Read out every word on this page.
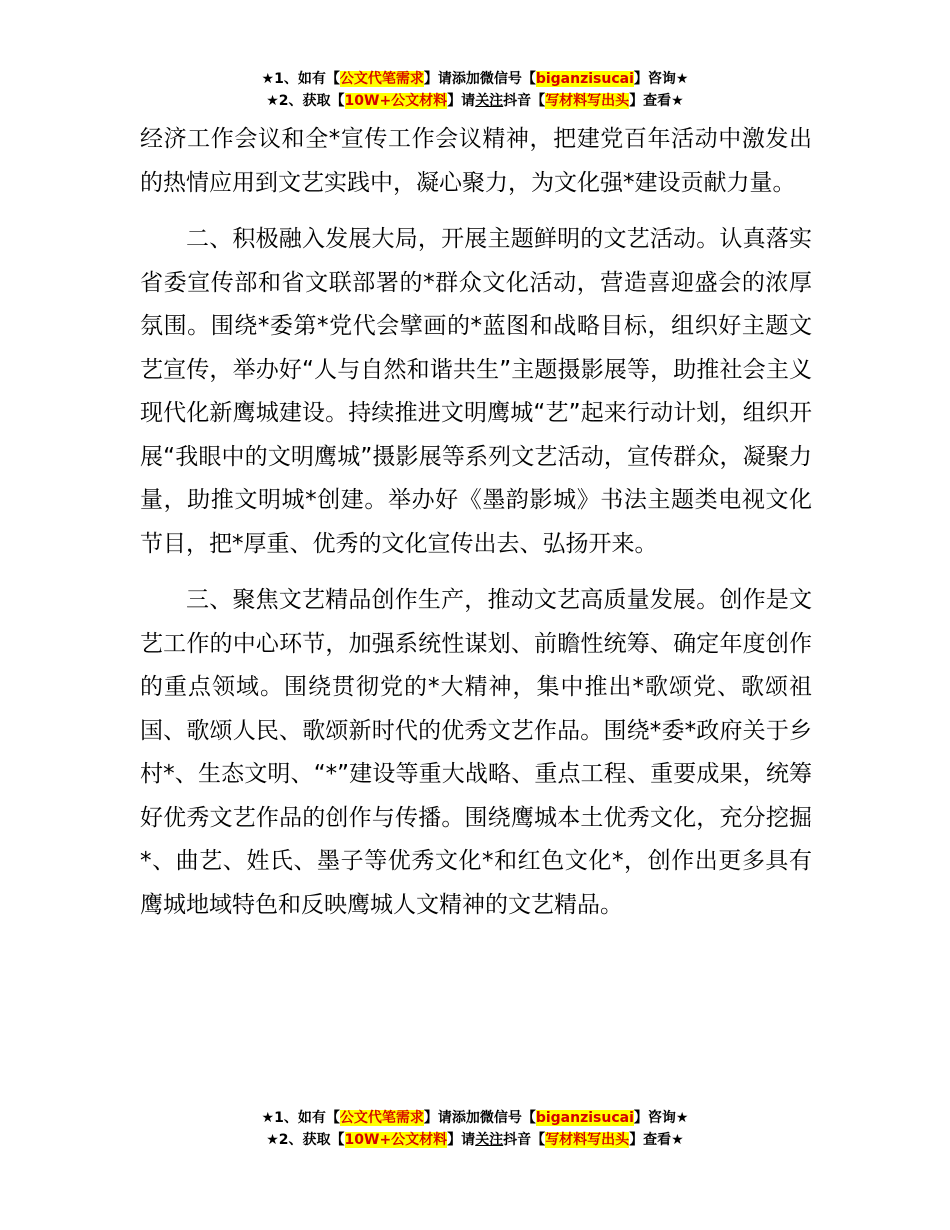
★1、如有【公文代笔需求】请添加微信号【biganzisucai】咨询★
★2、获取【10W+公文材料】请关注抖音【写材料写出头】查看★

经济工作会议和全*宣传工作会议精神，把建党百年活动中激发出的热情应用到文艺实践中，凝心聚力，为文化强*建设贡献力量。

二、积极融入发展大局，开展主题鲜明的文艺活动。认真落实省委宣传部和省文联部署的*群众文化活动，营造喜迎盛会的浓厚氛围。围绕*委第*党代会擘画的*蓝图和战略目标，组织好主题文艺宣传，举办好“人与自然和谐共生”主题摄影展等，助推社会主义现代化新鹰城建设。持续推进文明鹰城“艺”起来行动计划，组织开展“我眼中的文明鹰城”摄影展等系列文艺活动，宣传群众，凝聚力量，助推文明城*创建。举办好《墨韵影城》书法主题类电视文化节目，把*厚重、优秀的文化宣传出去、弘扬开来。

三、聚焦文艺精品创作生产，推动文艺高质量发展。创作是文艺工作的中心环节，加强系统性谋划、前瞻性统筹、确定年度创作的重点领域。围绕贯彻党的*大精神，集中推出*歌颂党、歌颂祖国、歌颂人民、歌颂新时代的优秀文艺作品。围绕*委*政府关于乡村*、生态文明、“*”建设等重大战略、重点工程、重要成果，统筹好优秀文艺作品的创作与传播。围绕鹰城本土优秀文化，充分挖掘*、曲艺、姓氏、墨子等优秀文化*和红色文化*，创作出更多具有鹰城地域特色和反映鹰城人文精神的文艺精品。

★1、如有【公文代笔需求】请添加微信号【biganzisucai】咨询★
★2、获取【10W+公文材料】请关注抖音【写材料写出头】查看★
